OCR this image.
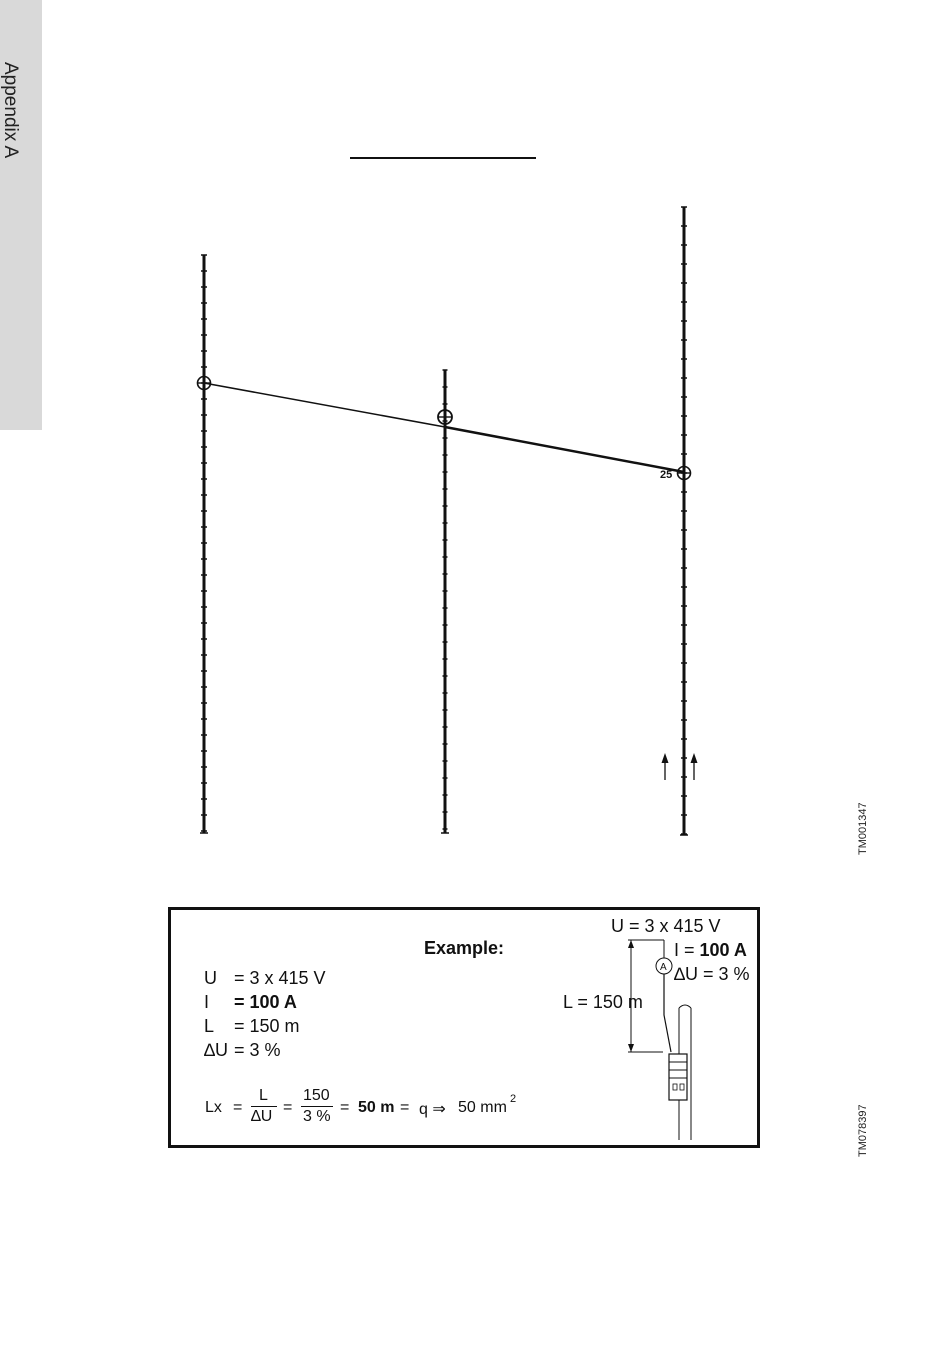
Appendix A
25
TM001347
TM078397
Example:
U = 3 x 415 V
I = 100 A
L = 150 m
∆U = 3 %
Lx =
L
∆U
=
150
3 %
= 50 m = q ⇒ 50 mm 2
A
U = 3 x 415 V
I = 100 A
∆U = 3 %
L = 150 m
